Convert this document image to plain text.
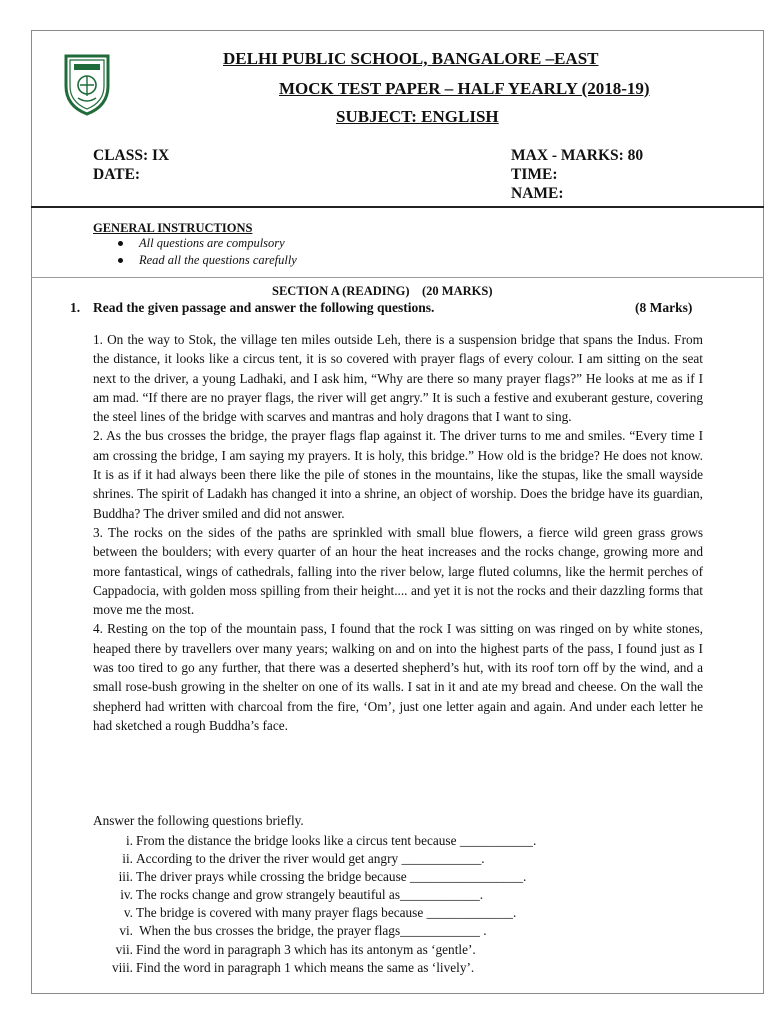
DELHI PUBLIC SCHOOL, BANGALORE –EAST
MOCK TEST PAPER – HALF YEARLY (2018-19)
SUBJECT: ENGLISH
CLASS: IX
DATE:
MAX - MARKS: 80
TIME:
NAME:
GENERAL INSTRUCTIONS
All questions are compulsory
Read all the questions carefully
SECTION A (READING)    (20 MARKS)
1. Read the given passage and answer the following questions.	(8 Marks)

1. On the way to Stok, the village ten miles outside Leh, there is a suspension bridge that spans the Indus. From the distance, it looks like a circus tent, it is so covered with prayer flags of every colour. I am sitting on the seat next to the driver, a young Ladhaki, and I ask him, “Why are there so many prayer flags?” He looks at me as if I am mad. “If there are no prayer flags, the river will get angry.” It is such a festive and exuberant gesture, covering the steel lines of the bridge with scarves and mantras and holy dragons that I want to sing.

2. As the bus crosses the bridge, the prayer flags flap against it. The driver turns to me and smiles. “Every time I am crossing the bridge, I am saying my prayers. It is holy, this bridge.” How old is the bridge? He does not know. It is as if it had always been there like the pile of stones in the mountains, like the stupas, like the small wayside shrines. The spirit of Ladakh has changed it into a shrine, an object of worship. Does the bridge have its guardian, Buddha? The driver smiled and did not answer.

3. The rocks on the sides of the paths are sprinkled with small blue flowers, a fierce wild green grass grows between the boulders; with every quarter of an hour the heat increases and the rocks change, growing more and more fantastical, wings of cathedrals, falling into the river below, large fluted columns, like the hermit perches of Cappadocia, with golden moss spilling from their height.... and yet it is not the rocks and their dazzling forms that move me the most.

4. Resting on the top of the mountain pass, I found that the rock I was sitting on was ringed on by white stones, heaped there by travellers over many years; walking on and on into the highest parts of the pass, I found just as I was too tired to go any further, that there was a deserted shepherd’s hut, with its roof torn off by the wind, and a small rose-bush growing in the shelter on one of its walls. I sat in it and ate my bread and cheese. On the wall the shepherd had written with charcoal from the fire, ‘Om’, just one letter again and again. And under each letter he had sketched a rough Buddha’s face.

Answer the following questions briefly.
i. From the distance the bridge looks like a circus tent because ___________.
ii. According to the driver the river would get angry ____________.
iii. The driver prays while crossing the bridge because _________________.
iv. The rocks change and grow strangely beautiful as____________.
v. The bridge is covered with many prayer flags because _____________.
vi. When the bus crosses the bridge, the prayer flags____________ .
vii. Find the word in paragraph 3 which has its antonym as ‘gentle’.
viii. Find the word in paragraph 1 which means the same as ‘lively’.
